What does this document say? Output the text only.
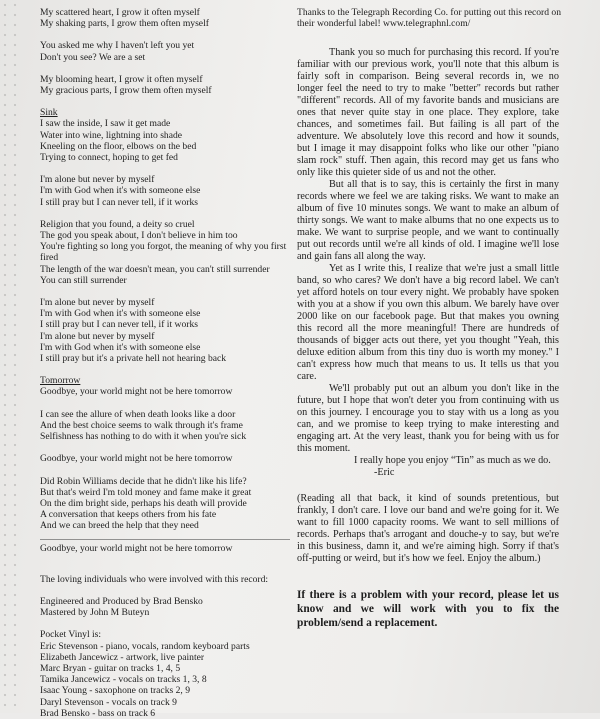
My scattered heart, I grow it often myself
My shaking parts, I grow them often myself
You asked me why I haven't left you yet
Don't you see? We are a set
My blooming heart, I grow it often myself
My gracious parts, I grow them often myself
Sink
I saw the inside, I saw it get made
Water into wine, lightning into shade
Kneeling on the floor, elbows on the bed
Trying to connect, hoping to get fed
I'm alone but never by myself
I'm with God when it's with someone else
I still pray but I can never tell, if it works
Religion that you found, a deity so cruel
The god you speak about, I don't believe in him too
You're fighting so long you forgot, the meaning of why you first fired
The length of the war doesn't mean, you can't still surrender
You can still surrender
I'm alone but never by myself
I'm with God when it's with someone else
I still pray but I can never tell, if it works
I'm alone but never by myself
I'm with God when it's with someone else
I still pray but it's a private hell not hearing back
Tomorrow
Goodbye, your world might not be here tomorrow
I can see the allure of when death looks like a door
And the best choice seems to walk through it's frame
Selfishness has nothing to do with it when you're sick
Goodbye, your world might not be here tomorrow
Did Robin Williams decide that he didn't like his life?
But that's weird I'm told money and fame make it great
On the dim bright side, perhaps his death will provide
A conversation that keeps others from his fate
And we can breed the help that they need
Goodbye, your world might not be here tomorrow
The loving individuals who were involved with this record:
Engineered and Produced by Brad Bensko
Mastered by John M Buteyn
Pocket Vinyl is:
Eric Stevenson - piano, vocals, random keyboard parts
Elizabeth Jancewicz - artwork, live painter
Marc Bryan - guitar on tracks 1, 4, 5
Tamika Jancewicz - vocals on tracks 1, 3, 8
Isaac Young - saxophone on tracks 2, 9
Daryl Stevenson - vocals on track 9
Brad Bensko - bass on track 6
Thanks to the Telegraph Recording Co. for putting out this record on
their wonderful label! www.telegraphnl.com/
Thank you so much for purchasing this record. If you're familiar with our previous work, you'll note that this album is fairly soft in comparison. Being several records in, we no longer feel the need to try to make "better" records but rather "different" records. All of my favorite bands and musicians are ones that never quite stay in one place. They explore, take chances, and sometimes fail. But failing is all part of the adventure. We absolutely love this record and how it sounds, but I image it may disappoint folks who like our other "piano slam rock" stuff. Then again, this record may get us fans who only like this quieter side of us and not the other.
But all that is to say, this is certainly the first in many records where we feel we are taking risks. We want to make an album of five 10 minutes songs. We want to make an album of thirty songs. We want to make albums that no one expects us to make. We want to surprise people, and we want to continually put out records until we're all kinds of old. I imagine we'll lose and gain fans all along the way.
Yet as I write this, I realize that we're just a small little band, so who cares? We don't have a big record label. We can't yet afford hotels on tour every night. We probably have spoken with you at a show if you own this album. We barely have over 2000 like on our facebook page. But that makes you owning this record all the more meaningful! There are hundreds of thousands of bigger acts out there, yet you thought "Yeah, this deluxe edition album from this tiny duo is worth my money." I can't express how much that means to us. It tells us that you care.
We'll probably put out an album you don't like in the future, but I hope that won't deter you from continuing with us on this journey. I encourage you to stay with us a long as you can, and we promise to keep trying to make interesting and engaging art. At the very least, thank you for being with us for this moment.
I really hope you enjoy “Tin” as much as we do.
-Eric
(Reading all that back, it kind of sounds pretentious, but frankly, I don't care. I love our band and we're going for it. We want to fill 1000 capacity rooms. We want to sell millions of records. Perhaps that's arrogant and douche-y to say, but we're in this business, damn it, and we're aiming high. Sorry if that's off-putting or weird, but it's how we feel. Enjoy the album.)
If there is a problem with your record, please let us know and we will work with you to fix the problem/send a replacement.
